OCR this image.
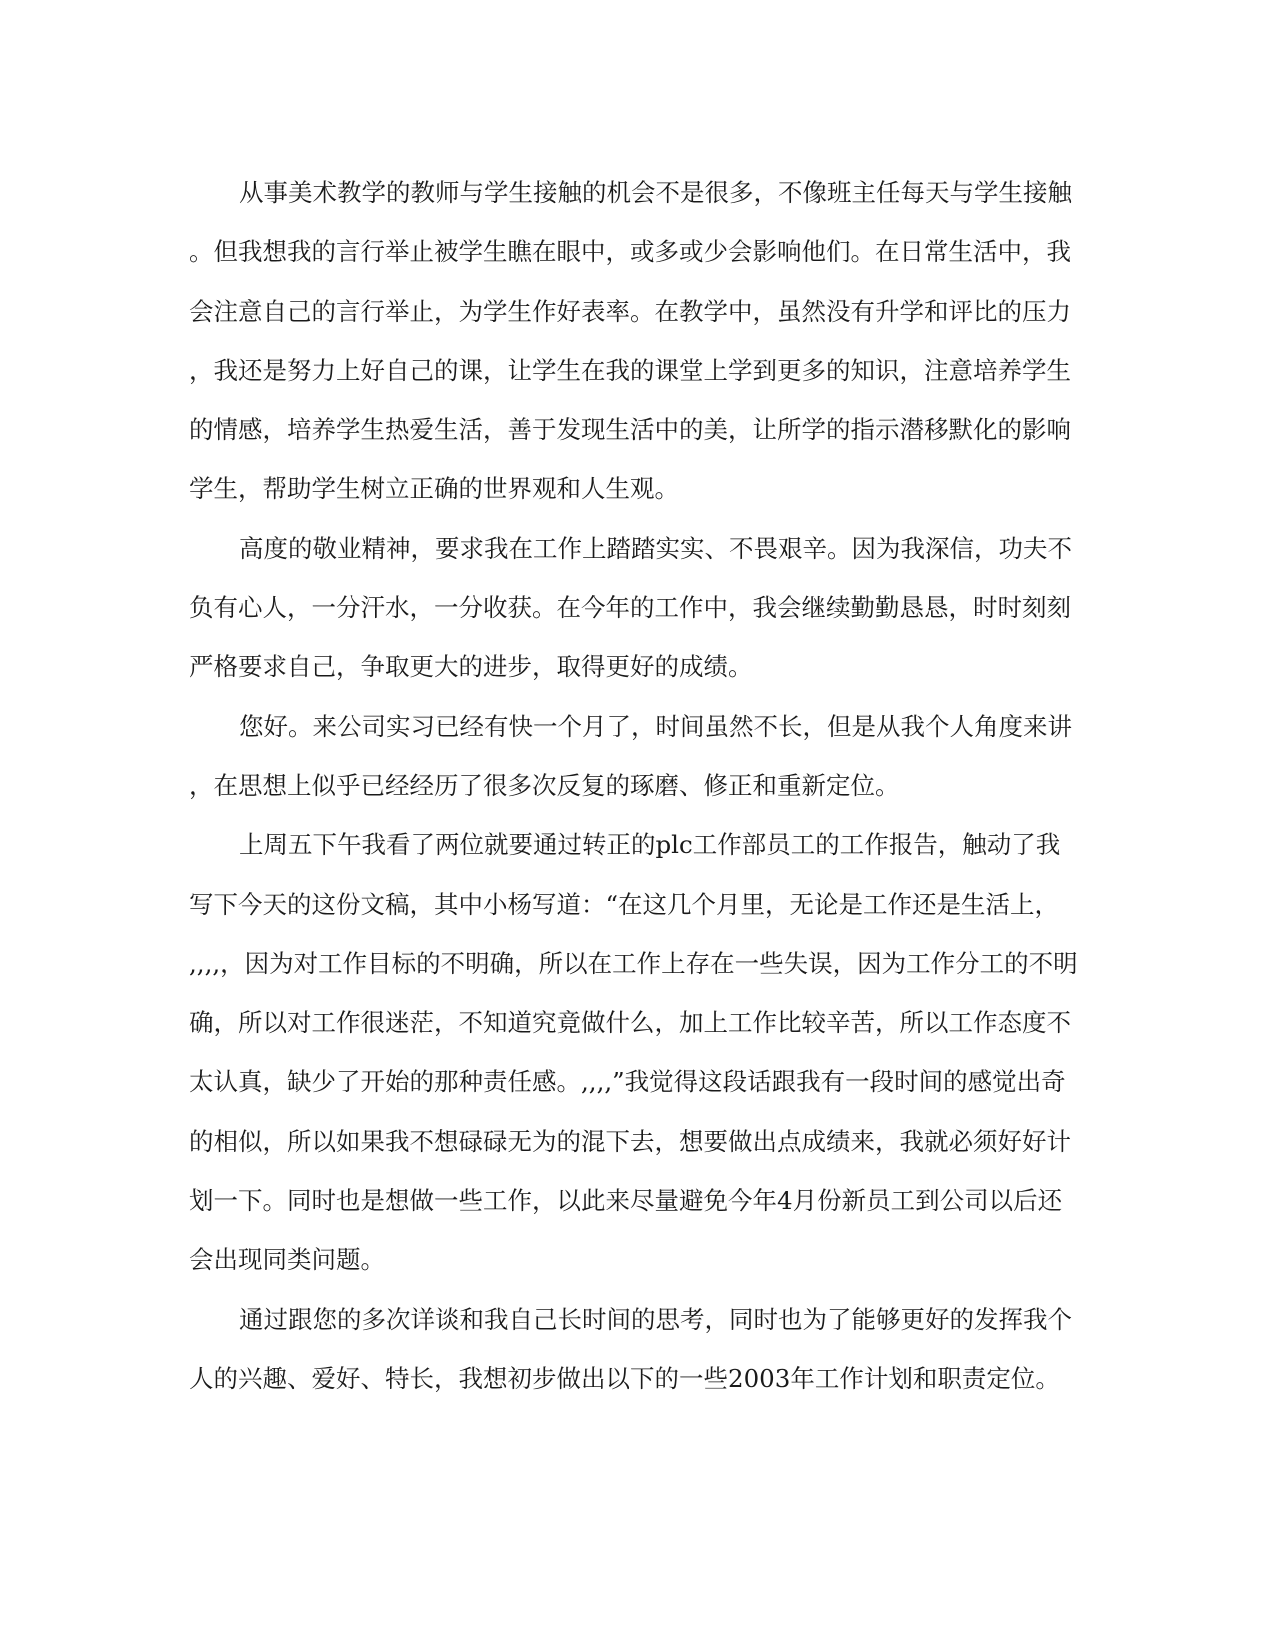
从事美术教学的教师与学生接触的机会不是很多，不像班主任每天与学生接触
。但我想我的言行举止被学生瞧在眼中，或多或少会影响他们。在日常生活中，我
会注意自己的言行举止，为学生作好表率。在教学中，虽然没有升学和评比的压力
，我还是努力上好自己的课，让学生在我的课堂上学到更多的知识，注意培养学生
的情感，培养学生热爱生活，善于发现生活中的美，让所学的指示潜移默化的影响
学生，帮助学生树立正确的世界观和人生观。
高度的敬业精神，要求我在工作上踏踏实实、不畏艰辛。因为我深信，功夫不
负有心人，一分汗水，一分收获。在今年的工作中，我会继续勤勤恳恳，时时刻刻
严格要求自己，争取更大的进步，取得更好的成绩。
您好。来公司实习已经有快一个月了，时间虽然不长，但是从我个人角度来讲
，在思想上似乎已经经历了很多次反复的琢磨、修正和重新定位。
上周五下午我看了两位就要通过转正的plc工作部员工的工作报告，触动了我
写下今天的这份文稿，其中小杨写道：“在这几个月里，无论是工作还是生活上，
,,,,，因为对工作目标的不明确，所以在工作上存在一些失误，因为工作分工的不明
确，所以对工作很迷茫，不知道究竟做什么，加上工作比较辛苦，所以工作态度不
太认真，缺少了开始的那种责任感。,,,,”我觉得这段话跟我有一段时间的感觉出奇
的相似，所以如果我不想碌碌无为的混下去，想要做出点成绩来，我就必须好好计
划一下。同时也是想做一些工作，以此来尽量避免今年4月份新员工到公司以后还
会出现同类问题。
通过跟您的多次详谈和我自己长时间的思考，同时也为了能够更好的发挥我个
人的兴趣、爱好、特长，我想初步做出以下的一些2003年工作计划和职责定位。
